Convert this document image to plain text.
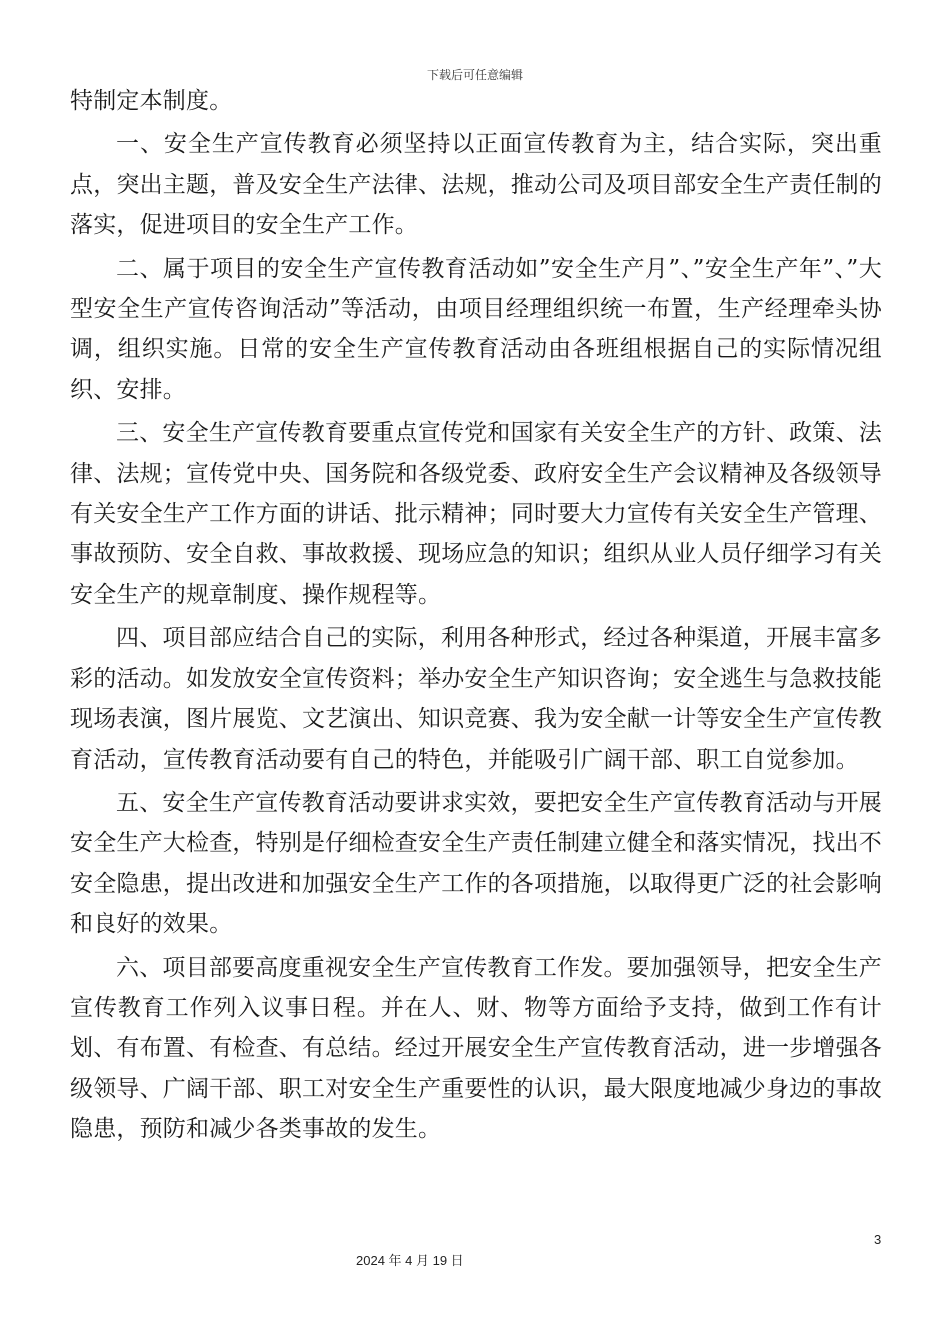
下载后可任意编辑

特制定本制度。

一、安全生产宣传教育必须坚持以正面宣传教育为主，结合实际，突出重点，突出主题，普及安全生产法律、法规，推动公司及项目部安全生产责任制的落实，促进项目的安全生产工作。

二、属于项目的安全生产宣传教育活动如”安全生产月”、”安全生产年”、”大型安全生产宣传咨询活动”等活动，由项目经理组织统一布置，生产经理牵头协调，组织实施。日常的安全生产宣传教育活动由各班组根据自己的实际情况组织、安排。

三、安全生产宣传教育要重点宣传党和国家有关安全生产的方针、政策、法律、法规；宣传党中央、国务院和各级党委、政府安全生产会议精神及各级领导有关安全生产工作方面的讲话、批示精神；同时要大力宣传有关安全生产管理、事故预防、安全自救、事故救援、现场应急的知识；组织从业人员仔细学习有关安全生产的规章制度、操作规程等。

四、项目部应结合自己的实际，利用各种形式，经过各种渠道，开展丰富多彩的活动。如发放安全宣传资料；举办安全生产知识咨询；安全逃生与急救技能现场表演，图片展览、文艺演出、知识竞赛、我为安全献一计等安全生产宣传教育活动，宣传教育活动要有自己的特色，并能吸引广阔干部、职工自觉参加。

五、安全生产宣传教育活动要讲求实效，要把安全生产宣传教育活动与开展安全生产大检查，特别是仔细检查安全生产责任制建立健全和落实情况，找出不安全隐患，提出改进和加强安全生产工作的各项措施，以取得更广泛的社会影响和良好的效果。

六、项目部要高度重视安全生产宣传教育工作发。要加强领导，把安全生产宣传教育工作列入议事日程。并在人、财、物等方面给予支持，做到工作有计划、有布置、有检查、有总结。经过开展安全生产宣传教育活动，进一步增强各级领导、广阔干部、职工对安全生产重要性的认识，最大限度地减少身边的事故隐患，预防和减少各类事故的发生。

3
2024 年 4 月 19 日
